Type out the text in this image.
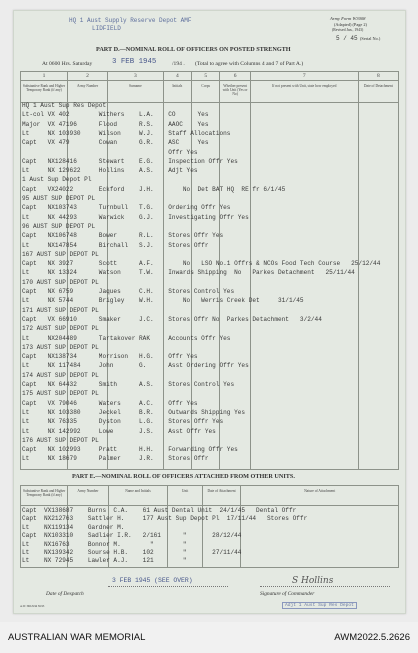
HQ 1 Aust Supply Reserve Depot AMF
LIDFIELD
Army Form W3008
(Adapted) (Page 2)
(Revised Jan., 1943)
5 / 45 (Serial No.)
PART D.—NOMINAL ROLL OF OFFICERS ON POSTED STRENGTH
At 0600 Hrs. Saturday	3 FEB 1945	/194 . (Total to agree with Columns 4 and 7 of Part A.)
1	2	3	4	5	6	7	8
Substantive Rank and Higher Temporary Rank (if any)	Army Number	Surname	Initials	Corps	Whether present with Unit (Yes or No)	If not present with Unit, state how employed	Date of Detachment

HQ 1 Aust Sup Res Depot
Lt-col VX 402        Withers    L.A.    CO      Yes
Major  VX 47196      Flood      R.S.    AAOC    Yes
Lt     NX 103930     Wilson     W.J.    Staff Allocations
Capt   VX 479        Cowan      G.R.    ASC     Yes
Offr Yes
Capt   NX128416      Stewart    E.G.    Inspection Offr Yes
Lt     NX 129622     Hollins    A.S.    Adjt Yes
1 Aust Sup Depot Pl
Capt   VX24022       Eckford    J.H.        No  Det BAT HQ  RE fr 6/1/45
95 AUST SUP DEPOT PL
Capt   NX103743      Turnbull   T.G.    Ordering Offr Yes
Lt     NX 44293      Warwick    G.J.    Investigating Offr Yes
96 AUST SUP DEPOT PL
Capt   NX106748      Bower      R.L.    Stores Offr Yes
Lt     NX147854      Birchall   S.J.    Stores Offr
167 AUST SUP DEPOT PL
Capt   NX 3927       Scott      A.F.        No   LSO No.1 Offrs & NCOs Food Tech Course   25/12/44
Lt     NX 13324      Watson     T.W.    Inwards Shipping  No   Parkes Detachment   25/11/44
170 AUST SUP DEPOT PL
Capt   NX 6759       Jaques     C.H.    Stores Control Yes
Lt     NX 5744       Brigley    W.H.        No   Werris Creek Det     31/1/45
171 AUST SUP DEPOT PL
Capt   VX 66910      Smaker     J.C.    Stores Offr No  Parkes Detachment   3/2/44
172 AUST SUP DEPOT PL
Lt     NX204489      Tartakover RAK     Accounts Offr Yes
173 AUST SUP DEPOT PL
Capt   NX138734      Morrison   H.G.    Offr Yes
Lt     NX 117484     John       G.      Asst Ordering Offr Yes
174 AUST SUP DEPOT PL
Capt   NX 64432      Smith      A.S.    Stores Control Yes
175 AUST SUP DEPOT PL
Capt   VX 79046      Waters     A.C.    Offr Yes
Lt     NX 103380     Jeckel     B.R.    Outwards Shipping Yes
Lt     NX 76335      Dyston     L.G.    Stores Offr Yes
Lt     NX 142992     Lowe       J.S.    Asst Offr Yes
176 AUST SUP DEPOT PL
Capt   NX 102993     Pratt      H.H.    Forwarding Offr Yes
Lt     NX 18679      Palmer     J.R.    Stores Offr
PART E.—NOMINAL ROLL OF OFFICERS ATTACHED FROM OTHER UNITS.
Substantive Rank and Higher Temporary Rank (if any)	Army Number	Name and Initials	Unit	Date of Attachment	Nature of Attachment

Capt  VX138687    Burns  C.A.    61 Aust Dental Unit  24/1/45   Dental Offr
Capt  NX212763    Sattler H.     177 Aust Sup Depot Pl  17/11/44   Stores Offr
Lt    NX119134    Gardner M.
Capt  NX103310    Sadlier I.R.   2/161      "       28/12/44
Lt    NX16763     Bonnor M.        "        "
Lt    NX139342    Sourse H.B.    102        "       27/11/44
Lt    NX 72945    Lawler A.J.    121        "
Date of Despatch
3 FEB 1945 (SEE OVER)	S Hollins
Signature of Commander
Adjt 1 Aust Sup Res Depot
A.W. 30m 8/44 50/43
AUSTRALIAN WAR MEMORIAL	AWM2022.5.2626
